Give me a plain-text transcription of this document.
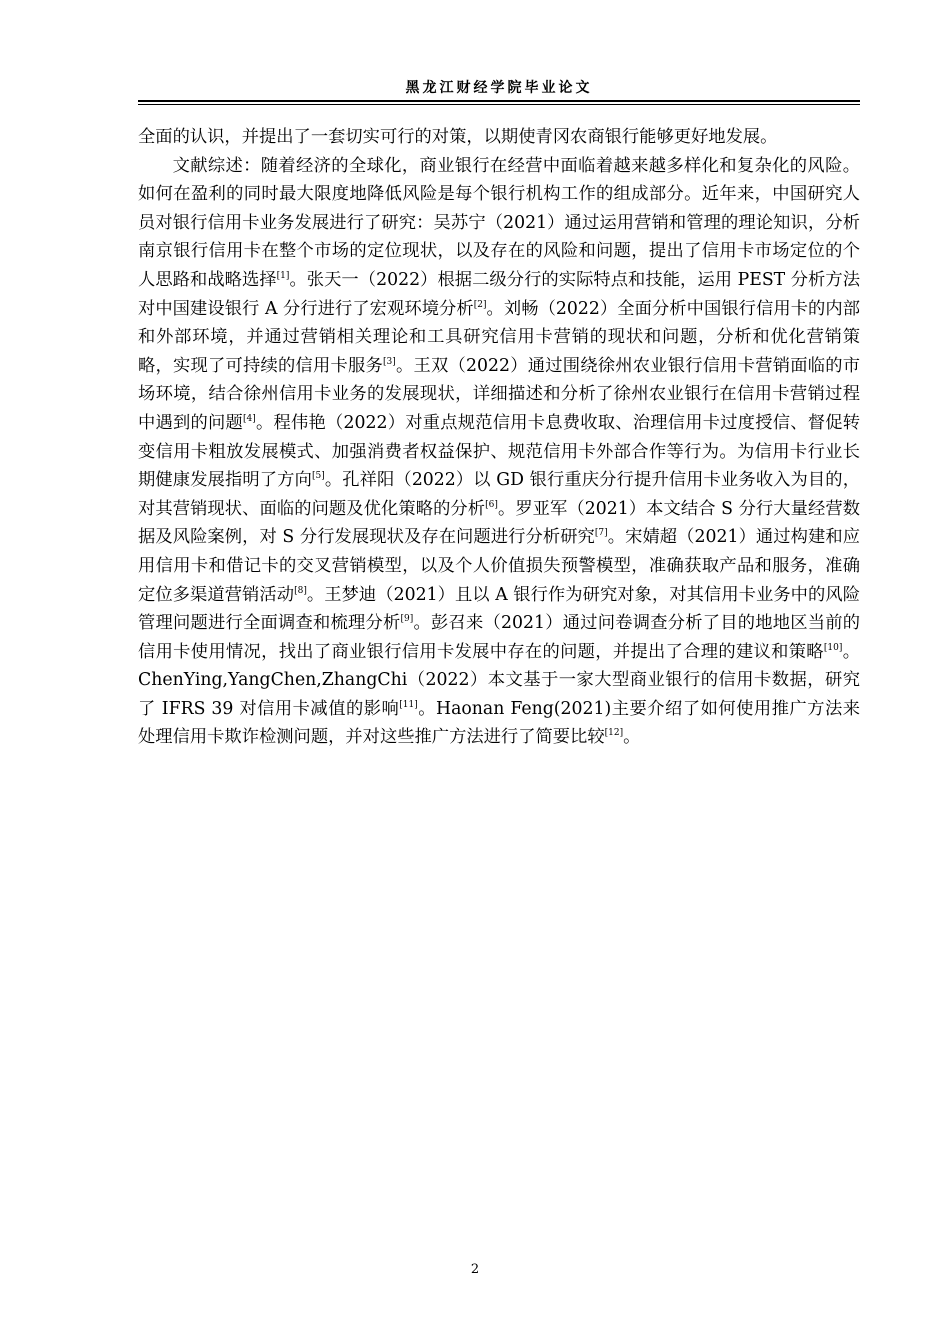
黑龙江财经学院毕业论文

全面的认识，并提出了一套切实可行的对策，以期使青冈农商银行能够更好地发展。

文献综述：随着经济的全球化，商业银行在经营中面临着越来越多样化和复杂化的风险。如何在盈利的同时最大限度地降低风险是每个银行机构工作的组成部分。近年来，中国研究人员对银行信用卡业务发展进行了研究：吴苏宁（2021）通过运用营销和管理的理论知识，分析南京银行信用卡在整个市场的定位现状，以及存在的风险和问题，提出了信用卡市场定位的个人思路和战略选择[1]。张天一（2022）根据二级分行的实际特点和技能，运用 PEST 分析方法对中国建设银行 A 分行进行了宏观环境分析[2]。刘畅（2022）全面分析中国银行信用卡的内部和外部环境，并通过营销相关理论和工具研究信用卡营销的现状和问题，分析和优化营销策略，实现了可持续的信用卡服务[3]。王双（2022）通过围绕徐州农业银行信用卡营销面临的市场环境，结合徐州信用卡业务的发展现状，详细描述和分析了徐州农业银行在信用卡营销过程中遇到的问题[4]。程伟艳（2022）对重点规范信用卡息费收取、治理信用卡过度授信、督促转变信用卡粗放发展模式、加强消费者权益保护、规范信用卡外部合作等行为。为信用卡行业长期健康发展指明了方向[5]。孔祥阳（2022）以 GD 银行重庆分行提升信用卡业务收入为目的，对其营销现状、面临的问题及优化策略的分析[6]。罗亚军（2021）本文结合 S 分行大量经营数据及风险案例，对 S 分行发展现状及存在问题进行分析研究[7]。宋婧超（2021）通过构建和应用信用卡和借记卡的交叉营销模型，以及个人价值损失预警模型，准确获取产品和服务，准确定位多渠道营销活动[8]。王梦迪（2021）且以 A 银行作为研究对象，对其信用卡业务中的风险管理问题进行全面调查和梳理分析[9]。彭召来（2021）通过问卷调查分析了目的地地区当前的信用卡使用情况，找出了商业银行信用卡发展中存在的问题，并提出了合理的建议和策略[10]。ChenYing,YangChen,ZhangChi（2022）本文基于一家大型商业银行的信用卡数据，研究了 IFRS 39 对信用卡减值的影响[11]。Haonan Feng(2021)主要介绍了如何使用推广方法来处理信用卡欺诈检测问题，并对这些推广方法进行了简要比较[12]。

2
